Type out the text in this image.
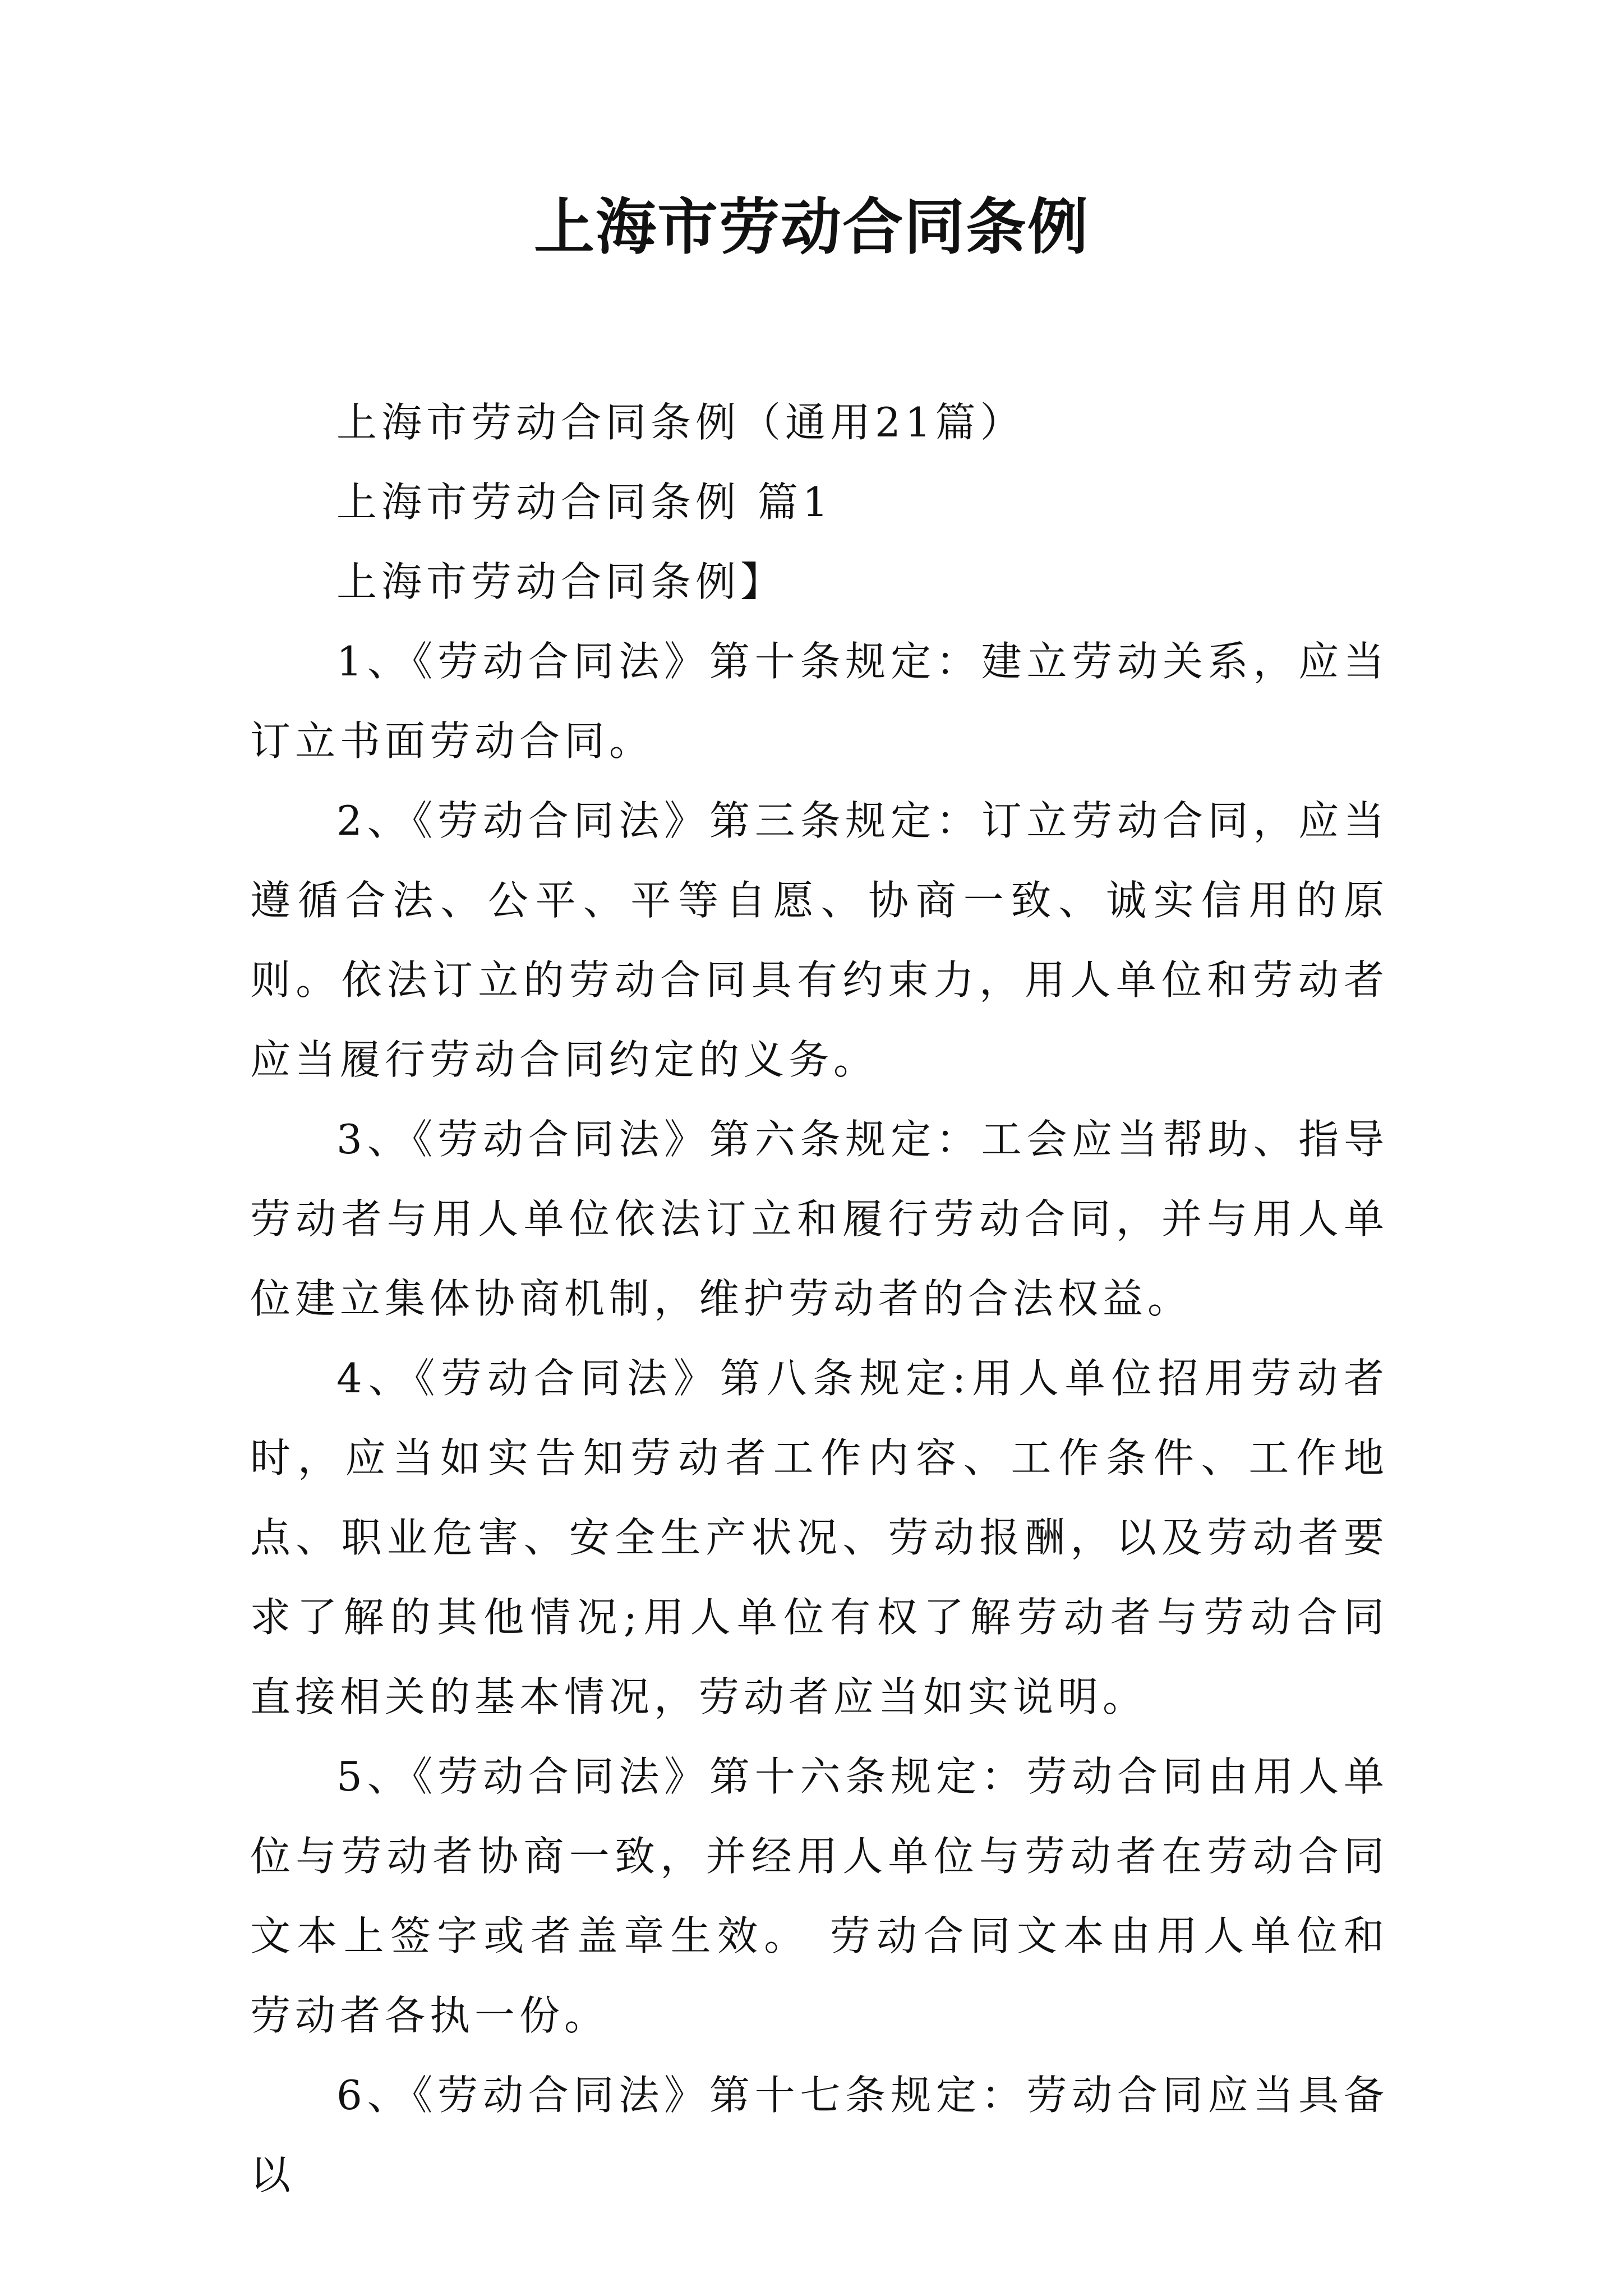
上海市劳动合同条例

上海市劳动合同条例（通用21篇）

上海市劳动合同条例 篇1

上海市劳动合同条例】

1、《劳动合同法》第十条规定：建立劳动关系，应当订立书面劳动合同。

2、《劳动合同法》第三条规定：订立劳动合同，应当遵循合法、公平、平等自愿、协商一致、诚实信用的原则。依法订立的劳动合同具有约束力，用人单位和劳动者应当履行劳动合同约定的义务。

3、《劳动合同法》第六条规定：工会应当帮助、指导劳动者与用人单位依法订立和履行劳动合同，并与用人单位建立集体协商机制，维护劳动者的合法权益。

4、《劳动合同法》第八条规定:用人单位招用劳动者时，应当如实告知劳动者工作内容、工作条件、工作地点、职业危害、安全生产状况、劳动报酬，以及劳动者要求了解的其他情况;用人单位有权了解劳动者与劳动合同直接相关的基本情况，劳动者应当如实说明。

5、《劳动合同法》第十六条规定：劳动合同由用人单位与劳动者协商一致，并经用人单位与劳动者在劳动合同文本上签字或者盖章生效。 劳动合同文本由用人单位和劳动者各执一份。

6、《劳动合同法》第十七条规定：劳动合同应当具备以
